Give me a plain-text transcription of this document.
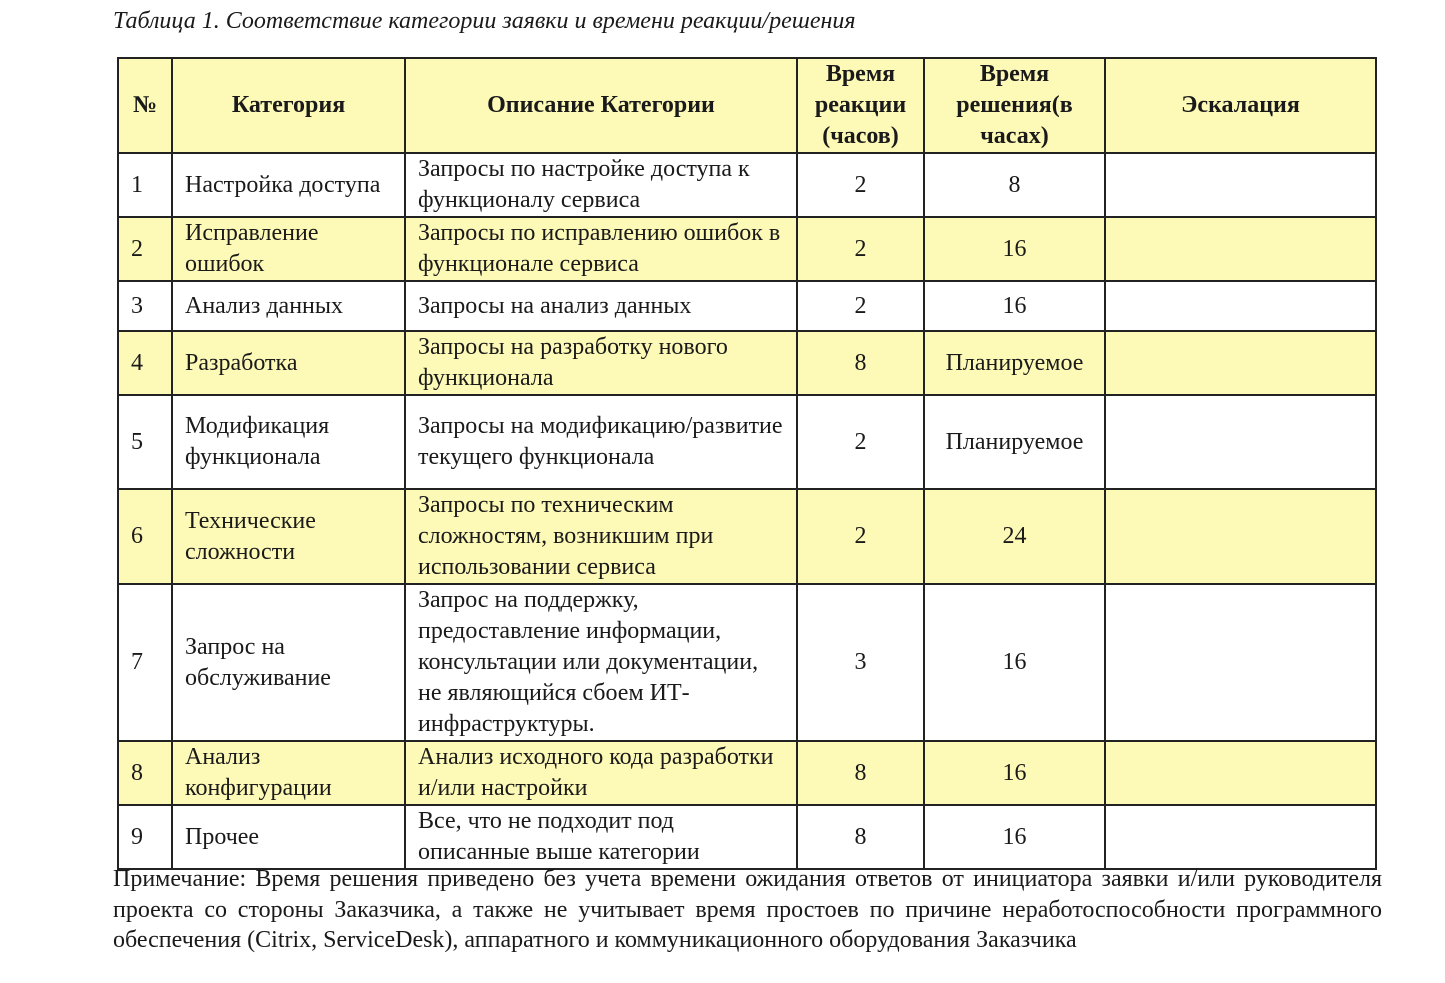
Таблица 1. Соответствие категории заявки и времени реакции/решения
№	Категория	Описание Категории	Время реакции (часов)	Время решения(в часах)	Эскалация
1	Настройка доступа	Запросы по настройке доступа к функционалу сервиса	2	8	
2	Исправление ошибок	Запросы по исправлению ошибок в функционале сервиса	2	16	
3	Анализ данных	Запросы на анализ данных	2	16	
4	Разработка	Запросы на разработку нового функционала	8	Планируемое	
5	Модификация функционала	Запросы на модификацию/развитие текущего функционала	2	Планируемое	
6	Технические сложности	Запросы по техническим сложностям, возникшим при использовании сервиса	2	24	
7	Запрос на обслуживание	Запрос на поддержку, предоставление информации, консультации или документации, не являющийся сбоем ИТ-инфраструктуры.	3	16	
8	Анализ конфигурации	Анализ исходного кода разработки и/или настройки	8	16	
9	Прочее	Все, что не подходит под описанные выше категории	8	16	
Примечание: Время решения приведено без учета времени ожидания ответов от инициатора заявки и/или руководителя проекта со стороны Заказчика, а также не учитывает время простоев по причине неработоспособности программного обеспечения (Citrix, ServiceDesk), аппаратного и коммуникационного оборудования Заказчика
